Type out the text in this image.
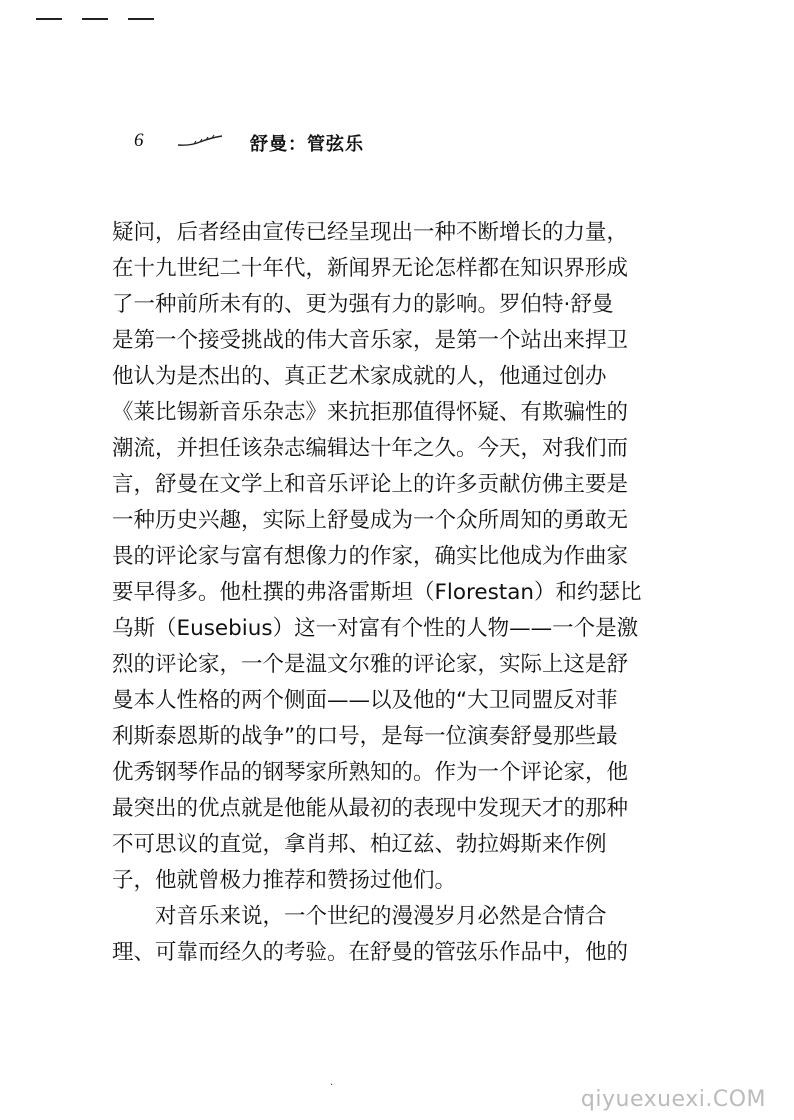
6	舒曼：管弦乐
疑问，后者经由宣传已经呈现出一种不断增长的力量，
在十九世纪二十年代，新闻界无论怎样都在知识界形成
了一种前所未有的、更为强有力的影响。罗伯特·舒曼
是第一个接受挑战的伟大音乐家，是第一个站出来捍卫
他认为是杰出的、真正艺术家成就的人，他通过创办
《莱比锡新音乐杂志》来抗拒那值得怀疑、有欺骗性的
潮流，并担任该杂志编辑达十年之久。今天，对我们而
言，舒曼在文学上和音乐评论上的许多贡献仿佛主要是
一种历史兴趣，实际上舒曼成为一个众所周知的勇敢无
畏的评论家与富有想像力的作家，确实比他成为作曲家
要早得多。他杜撰的弗洛雷斯坦（Florestan）和约瑟比
乌斯（Eusebius）这一对富有个性的人物——一个是激
烈的评论家，一个是温文尔雅的评论家，实际上这是舒
曼本人性格的两个侧面——以及他的“大卫同盟反对菲
利斯泰恩斯的战争”的口号，是每一位演奏舒曼那些最
优秀钢琴作品的钢琴家所熟知的。作为一个评论家，他
最突出的优点就是他能从最初的表现中发现天才的那种
不可思议的直觉，拿肖邦、柏辽兹、勃拉姆斯来作例
子，他就曾极力推荐和赞扬过他们。
对音乐来说，一个世纪的漫漫岁月必然是合情合
理、可靠而经久的考验。在舒曼的管弦乐作品中，他的
·
qiyuexuexi.COM
